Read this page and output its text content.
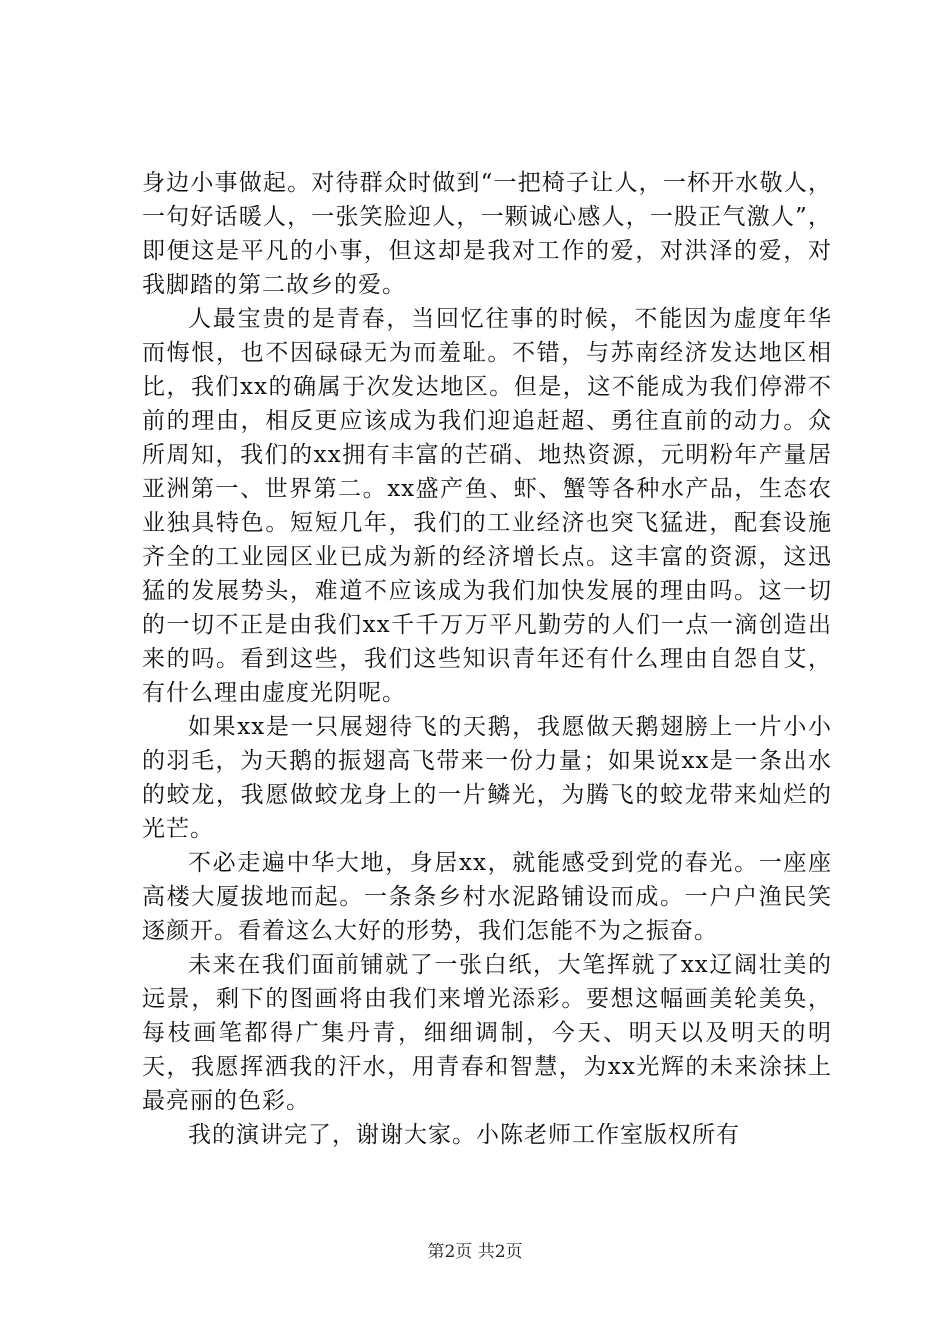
身边小事做起。对待群众时做到“一把椅子让人，一杯开水敬人，一句好话暖人，一张笑脸迎人，一颗诚心感人，一股正气激人”，即便这是平凡的小事，但这却是我对工作的爱，对洪泽的爱，对我脚踏的第二故乡的爱。

人最宝贵的是青春，当回忆往事的时候，不能因为虚度年华而悔恨，也不因碌碌无为而羞耻。不错，与苏南经济发达地区相比，我们xx的确属于次发达地区。但是，这不能成为我们停滞不前的理由，相反更应该成为我们迎追赶超、勇往直前的动力。众所周知，我们的xx拥有丰富的芒硝、地热资源，元明粉年产量居亚洲第一、世界第二。xx盛产鱼、虾、蟹等各种水产品，生态农业独具特色。短短几年，我们的工业经济也突飞猛进，配套设施齐全的工业园区业已成为新的经济增长点。这丰富的资源，这迅猛的发展势头，难道不应该成为我们加快发展的理由吗。这一切的一切不正是由我们xx千千万万平凡勤劳的人们一点一滴创造出来的吗。看到这些，我们这些知识青年还有什么理由自怨自艾，有什么理由虚度光阴呢。

如果xx是一只展翅待飞的天鹅，我愿做天鹅翅膀上一片小小的羽毛，为天鹅的振翅高飞带来一份力量；如果说xx是一条出水的蛟龙，我愿做蛟龙身上的一片鳞光，为腾飞的蛟龙带来灿烂的光芒。

不必走遍中华大地，身居xx，就能感受到党的春光。一座座高楼大厦拔地而起。一条条乡村水泥路铺设而成。一户户渔民笑逐颜开。看着这么大好的形势，我们怎能不为之振奋。

未来在我们面前铺就了一张白纸，大笔挥就了xx辽阔壮美的远景，剩下的图画将由我们来增光添彩。要想这幅画美轮美奂，每枝画笔都得广集丹青，细细调制，今天、明天以及明天的明天，我愿挥洒我的汗水，用青春和智慧，为xx光辉的未来涂抹上最亮丽的色彩。

我的演讲完了，谢谢大家。小陈老师工作室版权所有

第2页 共2页
